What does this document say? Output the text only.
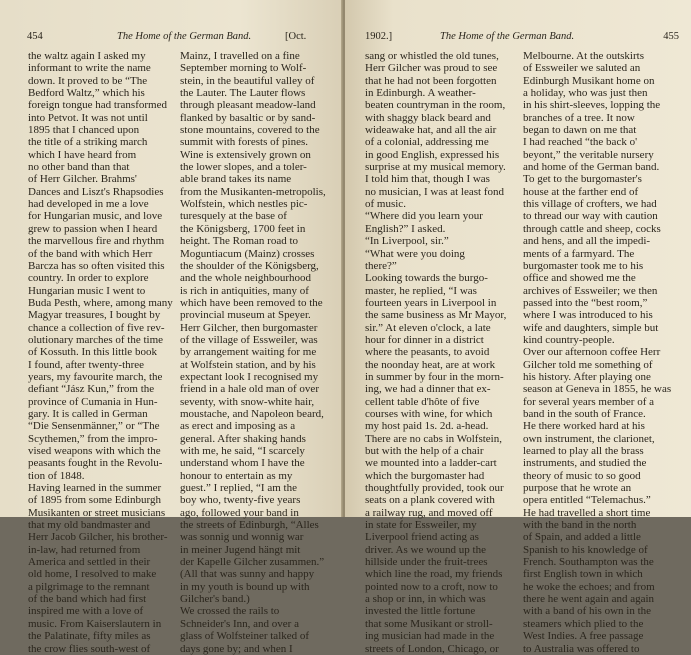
454	The Home of the German Band.	[Oct.
the waltz again I asked my
informant to write the name
down. It proved to be “The
Bedford Waltz,” which his
foreign tongue had transformed
into Petvot. It was not until
1895 that I chanced upon
the title of a striking march
which I have heard from
no other band than that
of Herr Gilcher. Brahms'
Dances and Liszt's Rhapsodies
had developed in me a love
for Hungarian music, and love
grew to passion when I heard
the marvellous fire and rhythm
of the band with which Herr
Barcza has so often visited this
country. In order to explore
Hungarian music I went to
Buda Pesth, where, among many
Magyar treasures, I bought by
chance a collection of five rev-
olutionary marches of the time
of Kossuth. In this little book
I found, after twenty-three
years, my favourite march, the
defiant “Jász Kun,” from the
province of Cumania in Hun-
gary. It is called in German
“Die Sensenmänner,” or “The
Scythemen,” from the impro-
vised weapons with which the
peasants fought in the Revolu-
tion of 1848.
Having learned in the summer
of 1895 from some Edinburgh
Musikanten or street musicians
that my old bandmaster and
Herr Jacob Gilcher, his brother-
in-law, had returned from
America and settled in their
old home, I resolved to make
a pilgrimage to the remnant
of the band which had first
inspired me with a love of
music. From Kaiserslautern in
the Palatinate, fifty miles as
the crow flies south-west of
Mainz, I travelled on a fine
September morning to Wolf-
stein, in the beautiful valley of
the Lauter. The Lauter flows
through pleasant meadow-land
flanked by basaltic or by sand-
stone mountains, covered to the
summit with forests of pines.
Wine is extensively grown on
the lower slopes, and a toler-
able brand takes its name
from the Musikanten-metropolis,
Wolfstein, which nestles pic-
turesquely at the base of
the Königsberg, 1700 feet in
height. The Roman road to
Moguntiacum (Mainz) crosses
the shoulder of the Königsberg,
and the whole neighbourhood
is rich in antiquities, many of
which have been removed to the
provincial museum at Speyer.
Herr Gilcher, then burgomaster
of the village of Essweiler, was
by arrangement waiting for me
at Wolfstein station, and by his
expectant look I recognised my
friend in a hale old man of over
seventy, with snow-white hair,
moustache, and Napoleon beard,
as erect and imposing as a
general. After shaking hands
with me, he said, “I scarcely
understand whom I have the
honour to entertain as my
guest.” I replied, “I am the
boy who, twenty-five years
ago, followed your band in
the streets of Edinburgh, “Alles
was sonnig und wonnig war
in meiner Jugend hängt mit
der Kapelle Gilcher zusammen.”
(All that was sunny and happy
in my youth is bound up with
Gilcher's band.)
We crossed the rails to
Schneider's Inn, and over a
glass of Wolfsteiner talked of
days gone by; and when I
1902.]	The Home of the German Band.	455
sang or whistled the old tunes,
Herr Gilcher was proud to see
that he had not been forgotten
in Edinburgh. A weather-
beaten countryman in the room,
with shaggy black beard and
wideawake hat, and all the air
of a colonial, addressing me
in good English, expressed his
surprise at my musical memory.
I told him that, though I was
no musician, I was at least fond
of music.
“Where did you learn your
English?” I asked.
“In Liverpool, sir.”
“What were you doing
there?”
Looking towards the burgo-
master, he replied, “I was
fourteen years in Liverpool in
the same business as Mr Mayor,
sir.” At eleven o'clock, a late
hour for dinner in a district
where the peasants, to avoid
the noonday heat, are at work
in summer by four in the morn-
ing, we had a dinner that ex-
cellent table d'hôte of five
courses with wine, for which
my host paid 1s. 2d. a-head.
There are no cabs in Wolfstein,
but with the help of a chair
we mounted into a ladder-cart
which the burgomaster had
thoughtfully provided, took our
seats on a plank covered with
a railway rug, and moved off
in state for Essweiler, my
Liverpool friend acting as
driver. As we wound up the
hillside under the fruit-trees
which line the road, my friends
pointed now to a croft, now to
a shop or inn, in which was
invested the little fortune
that some Musikant or stroll-
ing musician had made in the
streets of London, Chicago, or
Melbourne. At the outskirts
of Essweiler we saluted an
Edinburgh Musikant home on
a holiday, who was just then
in his shirt-sleeves, lopping the
branches of a tree. It now
began to dawn on me that
I had reached “the back o'
beyont,” the veritable nursery
and home of the German band.
To get to the burgomaster's
house at the farther end of
this village of crofters, we had
to thread our way with caution
through cattle and sheep, cocks
and hens, and all the impedi-
ments of a farmyard. The
burgomaster took me to his
office and showed me the
archives of Essweiler; we then
passed into the “best room,”
where I was introduced to his
wife and daughters, simple but
kind country-people.
Over our afternoon coffee Herr
Gilcher told me something of
his history. After playing one
season at Geneva in 1855, he was
for several years member of a
band in the south of France.
He there worked hard at his
own instrument, the clarionet,
learned to play all the brass
instruments, and studied the
theory of music to so good
purpose that he wrote an
opera entitled “Telemachus.”
He had travelled a short time
with the band in the north
of Spain, and added a little
Spanish to his knowledge of
French. Southampton was the
first English town in which
he woke the echoes; and from
there he went again and again
with a band of his own in the
steamers which plied to the
West Indies. A free passage
to Australia was offered to
